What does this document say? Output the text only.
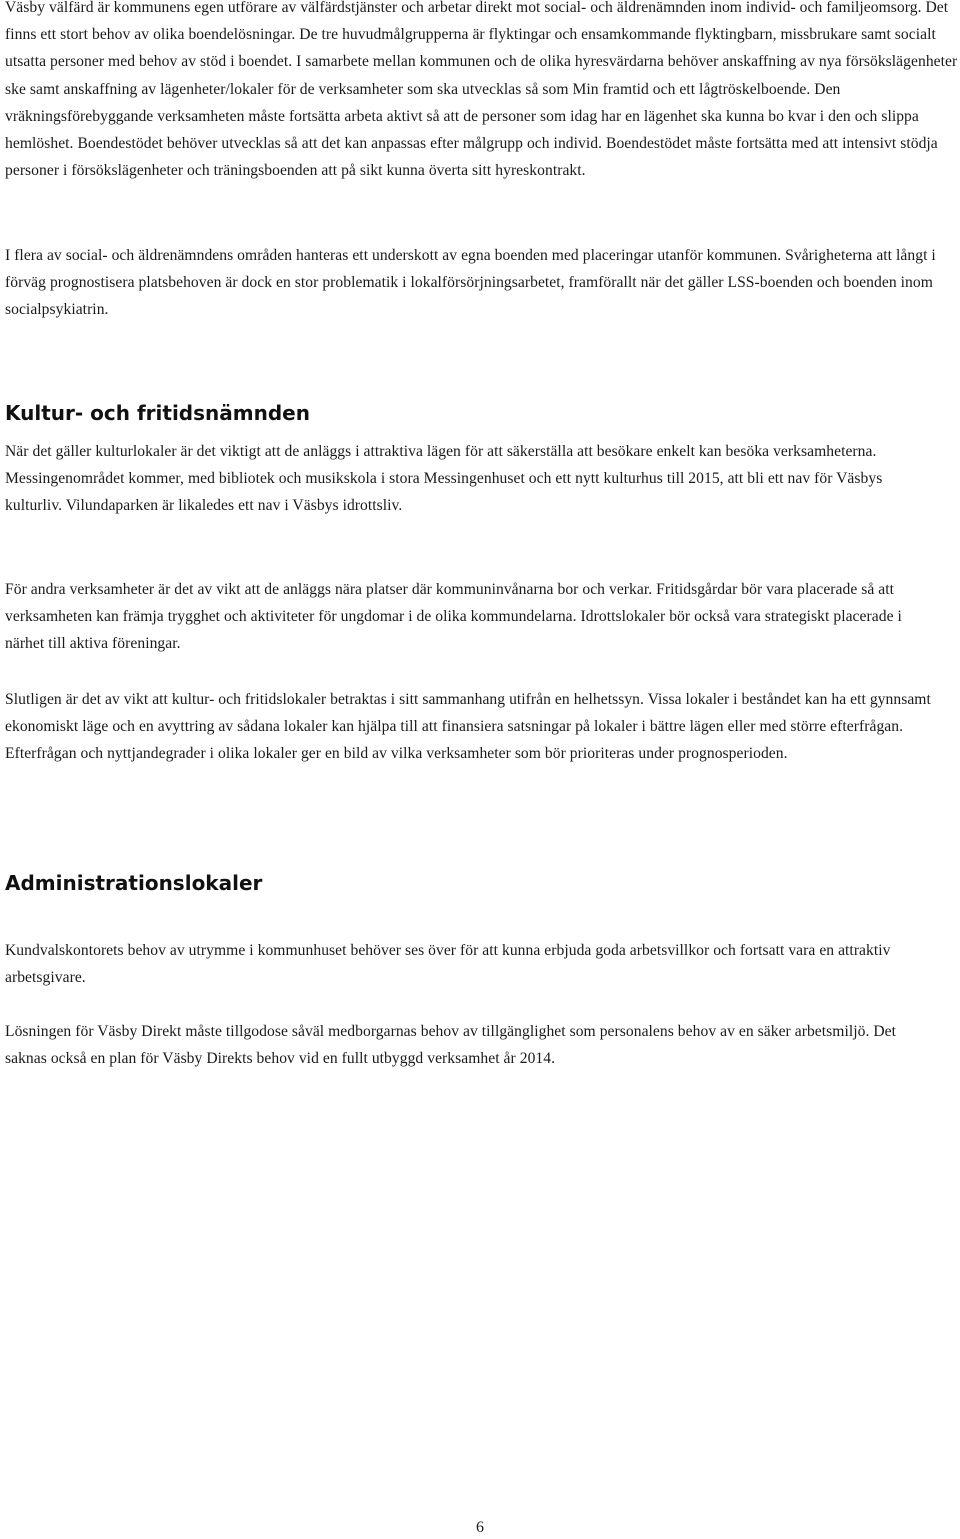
Väsby välfärd är kommunens egen utförare av välfärdstjänster och arbetar direkt mot social- och äldrenämnden inom individ- och familjeomsorg. Det finns ett stort behov av olika boendelösningar. De tre huvudmålgrupperna är flyktingar och ensamkommande flyktingbarn, missbrukare samt socialt utsatta personer med behov av stöd i boendet. I samarbete mellan kommunen och de olika hyresvärdarna behöver anskaffning av nya försökslägenheter ske samt anskaffning av lägenheter/lokaler för de verksamheter som ska utvecklas så som Min framtid och ett lågtröskelboende. Den vräkningsförebyggande verksamheten måste fortsätta arbeta aktivt så att de personer som idag har en lägenhet ska kunna bo kvar i den och slippa hemlöshet. Boendestödet behöver utvecklas så att det kan anpassas efter målgrupp och individ. Boendestödet måste fortsätta med att intensivt stödja personer i försökslägenheter och träningsboenden att på sikt kunna överta sitt hyreskontrakt.

I flera av social- och äldrenämndens områden hanteras ett underskott av egna boenden med placeringar utanför kommunen. Svårigheterna att långt i förväg prognostisera platsbehoven är dock en stor problematik i lokalförsörjningsarbetet, framförallt när det gäller LSS-boenden och boenden inom socialpsykiatrin.

Kultur- och fritidsnämnden

När det gäller kulturlokaler är det viktigt att de anläggs i attraktiva lägen för att säkerställa att besökare enkelt kan besöka verksamheterna. Messingenområdet kommer, med bibliotek och musikskola i stora Messingenhuset och ett nytt kulturhus till 2015, att bli ett nav för Väsbys kulturliv. Vilundaparken är likaledes ett nav i Väsbys idrottsliv.

För andra verksamheter är det av vikt att de anläggs nära platser där kommuninvånarna bor och verkar. Fritidsgårdar bör vara placerade så att verksamheten kan främja trygghet och aktiviteter för ungdomar i de olika kommundelarna. Idrottslokaler bör också vara strategiskt placerade i närhet till aktiva föreningar.

Slutligen är det av vikt att kultur- och fritidslokaler betraktas i sitt sammanhang utifrån en helhetssyn. Vissa lokaler i beståndet kan ha ett gynnsamt ekonomiskt läge och en avyttring av sådana lokaler kan hjälpa till att finansiera satsningar på lokaler i bättre lägen eller med större efterfrågan. Efterfrågan och nyttjandegrader i olika lokaler ger en bild av vilka verksamheter som bör prioriteras under prognosperioden.

Administrationslokaler

Kundvalskontorets behov av utrymme i kommunhuset behöver ses över för att kunna erbjuda goda arbetsvillkor och fortsatt vara en attraktiv arbetsgivare.

Lösningen för Väsby Direkt måste tillgodose såväl medborgarnas behov av tillgänglighet som personalens behov av en säker arbetsmiljö. Det saknas också en plan för Väsby Direkts behov vid en fullt utbyggd verksamhet år 2014.

6
